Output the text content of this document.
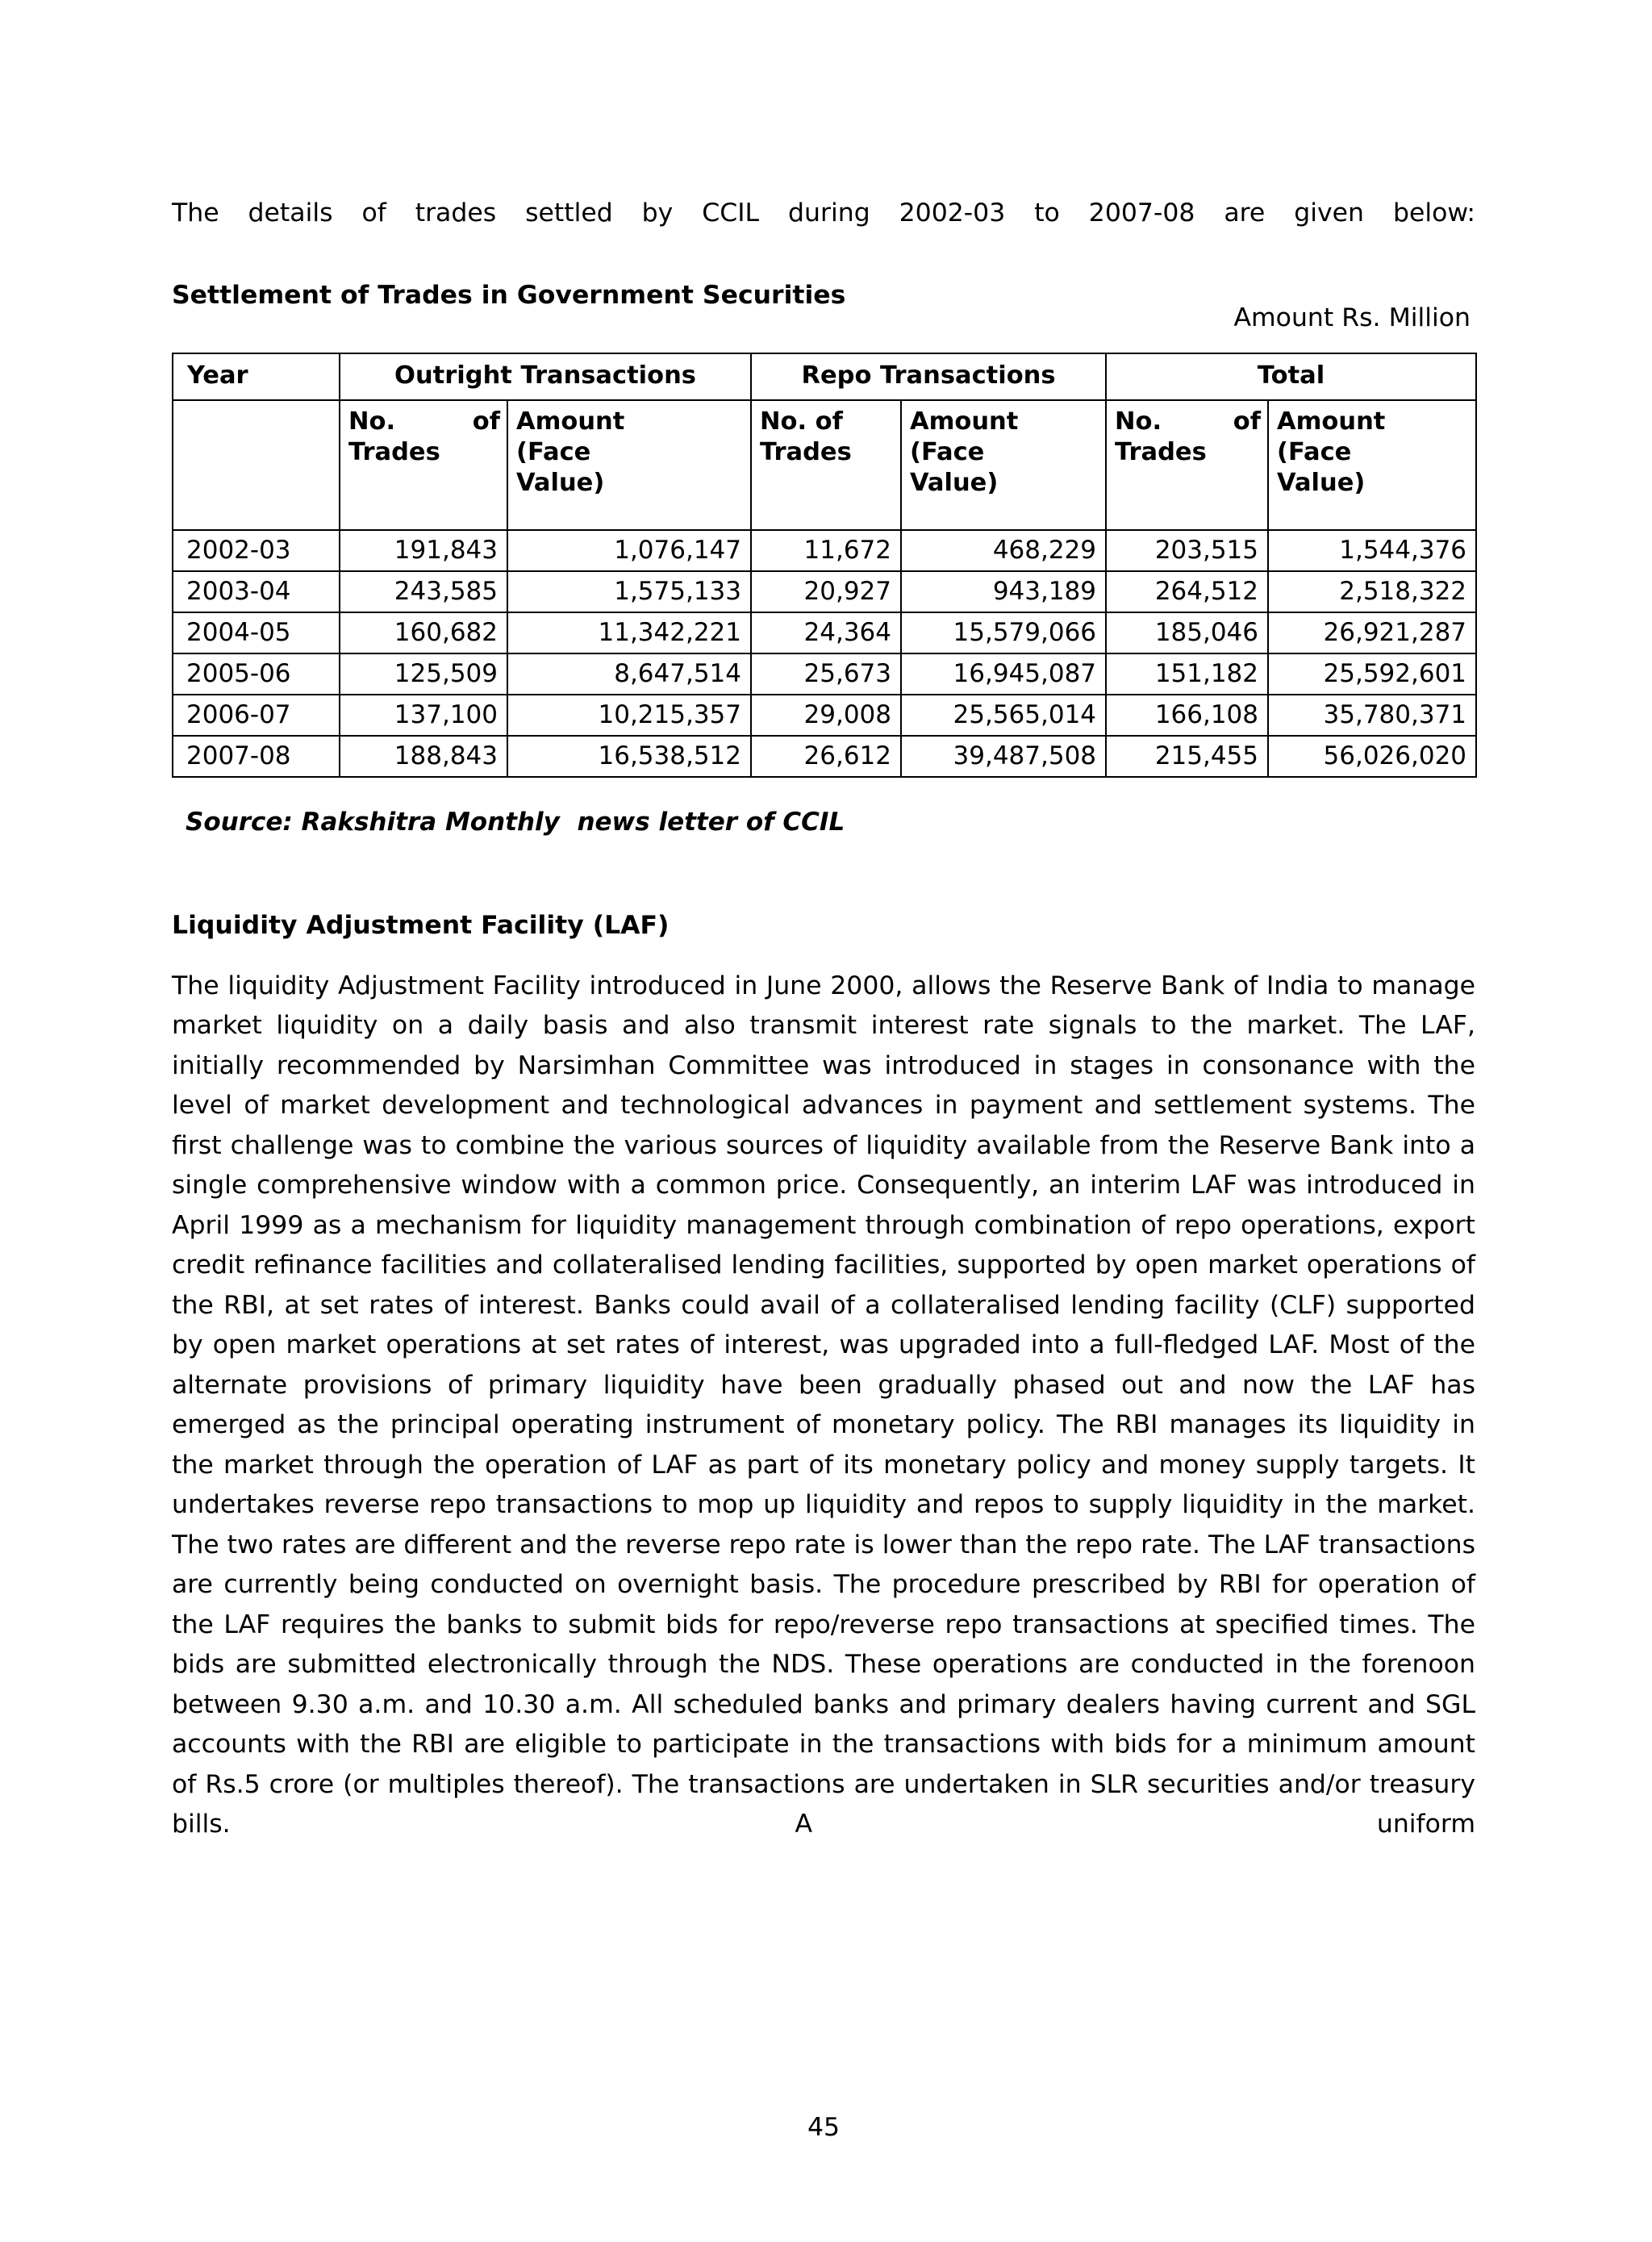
The details of trades settled by CCIL during 2002-03 to 2007-08 are given below:

Settlement of Trades in Government Securities
Amount Rs. Million
Year	Outright Transactions		Repo Transactions		Total	

	No. of
Trades	Amount
(Face
Value)	No. of
Trades	Amount
(Face
Value)	No. of
Trades	Amount
(Face
Value)

2002-03	191,843	1,076,147	11,672	468,229	203,515	1,544,376
2003-04	243,585	1,575,133	20,927	943,189	264,512	2,518,322
2004-05	160,682	11,342,221	24,364	15,579,066	185,046	26,921,287
2005-06	125,509	8,647,514	25,673	16,945,087	151,182	25,592,601
2006-07	137,100	10,215,357	29,008	25,565,014	166,108	35,780,371
2007-08	188,843	16,538,512	26,612	39,487,508	215,455	56,026,020
Source: Rakshitra Monthly  news letter of CCIL
Liquidity Adjustment Facility (LAF)

The liquidity Adjustment Facility introduced in June 2000, allows the Reserve Bank of India to manage market liquidity on a daily basis and also transmit interest rate signals to the market. The LAF, initially recommended by Narsimhan Committee was introduced in stages in consonance with the level of market development and technological advances in payment and settlement systems. The first challenge was to combine the various sources of liquidity available from the Reserve Bank into a single comprehensive window with a common price. Consequently, an interim LAF was introduced in April 1999 as a mechanism for liquidity management through combination of repo operations, export credit refinance facilities and collateralised lending facilities, supported by open market operations of the RBI, at set rates of interest. Banks could avail of a collateralised lending facility (CLF) supported by open market operations at set rates of interest, was upgraded into a full-fledged LAF. Most of the alternate provisions of primary liquidity have been gradually phased out and now the LAF has emerged as the principal operating instrument of monetary policy. The RBI manages its liquidity in the market through the operation of LAF as part of its monetary policy and money supply targets. It undertakes reverse repo transactions to mop up liquidity and repos to supply liquidity in the market. The two rates are different and the reverse repo rate is lower than the repo rate. The LAF transactions are currently being conducted on overnight basis. The procedure prescribed by RBI for operation of the LAF requires the banks to submit bids for repo/reverse repo transactions at specified times. The bids are submitted electronically through the NDS. These operations are conducted in the forenoon between 9.30 a.m. and 10.30 a.m. All scheduled banks and primary dealers having current and SGL accounts with the RBI are eligible to participate in the transactions with bids for a minimum amount of Rs.5 crore (or multiples thereof). The transactions are undertaken in SLR securities and/or treasury bills. A uniform

45
